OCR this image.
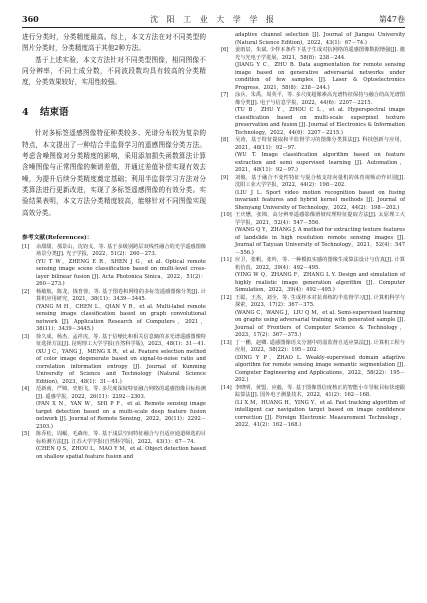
360	沈 阳 工 业 大 学 学 报	第47卷

进行分类时，分类精度最高。综上，本文方法在对不同类型的图片分类时，分类精度高于其他2种方法。

基于上述实验，本文方法针对不同类型图像，相同图像不同分辨率，不同土成分数，不同波段数均具有较高的分类精度，分类效果较好，实用性较强。

4 结束语

针对多标签遥感图像特征种类较多、光谱分布较为复杂的特点，本文提出了一种结合半监督学习的遥感图像分类方法。考虑含噪图像对分类精度的影响，采用添加损失函数算法计算含噪图像与正常图像的频谱差值，并通过差值补偿实现有效去噪，为提升后续分类精度奠定基础；利用半监督学习方法对分类算法进行更新改进，实现了多标签遥感图像的有效分类。实验结果表明，本文方法分类精度较高，能够针对不同图像实现高效分类。

参考文献(References)：
[1] 余甜甜，那景山，沈钧戈，等. 基于多级别跨层双线性融合的光学遥感图像场景分类[J]. 光子学报，2022，51(2)：260－273.
(YU T W，ZHENG E R，SHEN J G，et al. Optical remote sensing image scene classification based on multi-level cross-layer bilinear fusion [J]. Acta Photonica Sinica，2022，51(2)：260－273.)
[2] 杨敏航，陈龙，钱育蓉，等. 基于图卷积网络的多标签遥感图像分类[J]. 计算机应用研究，2021，38(11)：3439－3445.
(YANG M H，CHEN L，QIAN Y R，et al. Multi-label remote sensing image classification based on graph convolutional network [J]. Application Research of Computers，2021，38(11)：3439－3445.)
[3] 徐久成，杨杰，孟祥虎，等. 基于信噪比和相关信息熵的多光谱遥感图像特征选择方法[J]. 昆明理工大学学报(自然科学版)，2023，48(1)：31－41.
(XU J C，YANG J，MENG X R，et al. Feature selection method of color image degenerate based on signal-to-noise ratio and correlation information entropy [J]. Journal of Kunming University of Science and Technology (Natural Science Edition)，2023，48(1)：31－41.)
[4] 范新南，严锦，史朋飞，等. 多尺度深度特征融合网络的遥感图像目标检测[J]. 遥感学报，2022，26(11)：2292－2303.
(FAN X N，YAN W，SHI P F，et al. Remote sensing image target detection based on a multi-scale deep feature fusion network [J]. Journal of Remote Sensing，2022，26(11)：2292－2303.)
[5] 陈乔松，周崛，毛森珩，等. 基于浅层空间特征融合与自适应通道筛选的目标检测方法[J]. 江苏大学学报(自然科学版)，2022，43(1)：67－74.
(CHEN Q S，ZHOU L，MAO Y M，et al. Object detection based on shallow spatial feature fusion and
adaptive channel selection [J]. Journal of Jiangsu University (Natural Science Edition)，2022，43(1)：67－74.)
[6] 姜雨辰，朱斌. 少样本条件下基于生成对抗网络的遥感图像数据增强[J]. 激光与光电子学进展，2021，58(8)：238－244.
(JIANG Y C，ZHU B. Data augmentation for remote sensing image based on generative adversarial networks under condition of few samples [J]. Laser & Optoelectronics Progress，2021，58(8)：238－244.)
[7] 涂兵，朱禹，周英平，等. 多尺度超像素高光谱特征保持与融合的高光谱图像分类[J]. 电子与信息学报，2022，44(6)：2207－2215.
(TU B，ZHU Y，ZHOU C L，et al. Hyperspectral image classification based on multi-scale superpixel texture preservation and fusion [J]. Journal of Electronics & Information Technology，2022，44(6)：2207－2215.)
[8] 吴涛，基于特征提取和半监督学习的图像分类算法[J]. 科技创新与应用，2021，48(11)：92－97.
(WU T. Image classification algorithm based on feature extraction and semi supervised learning [J]. Automation，2021，48(11)：92－97.)
[9] 刘俊，基于融合不变性特征与混合核支持向量机的体育视频动作识别[J]. 沈阳工业大学学报，2022，44(2)：198－202.
(LIU J L. Sport video motion recognition based on fusing invariant features and hybrid kernel methods [J]. Journal of Shenyang University of Technology，2022，44(2)：198－202.)
[10] 王庆懋，张锦，高分辨率遥感影像滑坡纹理特征提取方法[J]. 太原理工大学学报，2021，52(4)：547－556.
(WANG Q Y，ZHANG J. A method for extracting texture features of landslide in high resolution remote sensing images [J]. Journal of Taiyuan University of Technology，2021，52(4)：547－556.)
[11] 应卫，张帆，张吟，等. 一种模拟实感的图像生成算法设计与仿真[J]. 计算机仿真，2022，39(4)：492－495.
(YING W Q，ZHANG F，ZHANG L Y. Design and simulation of highly realistic image generation algorithm [J]. Computer Simulation，2022，39(4)：492－495.)
[12] 王聪，王杰，刘全，等. 生成样本对抗训练的半监督学习[J]. 计算机科学与探索，2023，17(2)：367－375.
(WANG C，WANG J，LIU Q M，et al. Semi-supervised learning on graphs using adversarial training with generated sample [J]. Journal of Frontiers of Computer Science & Technology，2023，17(2)：367－375.)
[13] 丁一鹏，赵卿. 遥感图像语义分割中的弱监督自适应算法[J]. 计算机工程与应用，2022，58(22)：195－202.
(DING Y P，ZHAO L. Weakly-supervised domain adaptive algorithm for remote sensing image semantic segmentation [J]. Computer Engineering and Applications，2022，58(22)：195－202.)
[14] 李晓明，黄盟，应毅，等. 基于图像置信度核正的智能小车导航目标快速跟踪算法[J]. 国外电子测量技术，2022，41(2)：162－168.
(LI X M，HUANG H，YING Y，et al. Fast tracking algorithm of intelligent car navigation target based on image confidence correction [J]. Foreign Electronic Measurement Technology，2022，41(2)：162－168.)
